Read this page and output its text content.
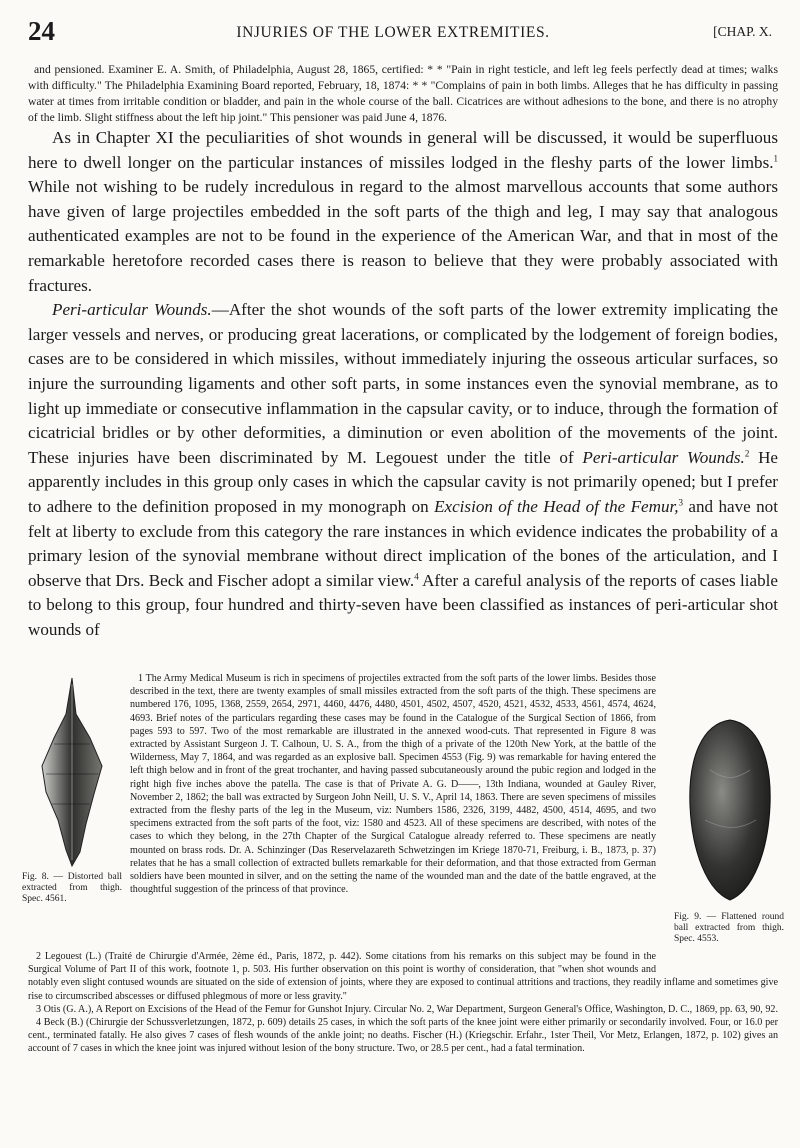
24	INJURIES OF THE LOWER EXTREMITIES.	[CHAP. X.

and pensioned. Examiner E. A. Smith, of Philadelphia, August 28, 1865, certified: * * "Pain in right testicle, and left leg feels perfectly dead at times; walks with difficulty." The Philadelphia Examining Board reported, February, 18, 1874: * * "Complains of pain in both limbs. Alleges that he has difficulty in passing water at times from irritable condition or bladder, and pain in the whole course of the ball. Cicatrices are without adhesions to the bone, and there is no atrophy of the limb. Slight stiffness about the left hip joint." This pensioner was paid June 4, 1876.

As in Chapter XI the peculiarities of shot wounds in general will be discussed, it would be superfluous here to dwell longer on the particular instances of missiles lodged in the fleshy parts of the lower limbs.$^1$ While not wishing to be rudely incredulous in regard to the almost marvellous accounts that some authors have given of large projectiles embedded in the soft parts of the thigh and leg, I may say that analogous authenticated examples are not to be found in the experience of the American War, and that in most of the remarkable heretofore recorded cases there is reason to believe that they were probably associated with fractures.

Peri-articular Wounds.—After the shot wounds of the soft parts of the lower extremity implicating the larger vessels and nerves, or producing great lacerations, or complicated by the lodgement of foreign bodies, cases are to be considered in which missiles, without immediately injuring the osseous articular surfaces, so injure the surrounding ligaments and other soft parts, in some instances even the synovial membrane, as to light up immediate or consecutive inflammation in the capsular cavity, or to induce, through the formation of cicatricial bridles or by other deformities, a diminution or even abolition of the movements of the joint. These injuries have been discriminated by M. Legouest under the title of Peri-articular Wounds.$^2$ He apparently includes in this group only cases in which the capsular cavity is not primarily opened; but I prefer to adhere to the definition proposed in my monograph on Excision of the Head of the Femur,$^3$ and have not felt at liberty to exclude from this category the rare instances in which evidence indicates the probability of a primary lesion of the synovial membrane without direct implication of the bones of the articulation, and I observe that Drs. Beck and Fischer adopt a similar view.$^4$ After a careful analysis of the reports of cases liable to belong to this group, four hundred and thirty-seven have been classified as instances of peri-articular shot wounds of

Fig. 8. — Distorted ball extracted from thigh. Spec. 4561.
Fig. 9. — Flattened round ball extracted from thigh. Spec. 4553.

1 The Army Medical Museum is rich in specimens of projectiles extracted from the soft parts of the lower limbs. Besides those described in the text, there are twenty examples of small missiles extracted from the soft parts of the thigh. These specimens are numbered 176, 1095, 1368, 2559, 2654, 2971, 4460, 4476, 4480, 4501, 4502, 4507, 4520, 4521, 4532, 4533, 4561, 4574, 4624, 4693. Brief notes of the particulars regarding these cases may be found in the Catalogue of the Surgical Section of 1866, from pages 593 to 597. Two of the most remarkable are illustrated in the annexed wood-cuts. That represented in Figure 8 was extracted by Assistant Surgeon J. T. Calhoun, U. S. A., from the thigh of a private of the 120th New York, at the battle of the Wilderness, May 7, 1864, and was regarded as an explosive ball. Specimen 4553 (Fig. 9) was remarkable for having entered the left thigh below and in front of the great trochanter, and having passed subcutaneously around the pubic region and lodged in the right high five inches above the patella. The case is that of Private A. G. D——, 13th Indiana, wounded at Gauley River, November 2, 1862; the ball was extracted by Surgeon John Neill, U. S. V., April 14, 1863. There are seven specimens of missiles extracted from the fleshy parts of the leg in the Museum, viz: Numbers 1586, 2326, 3199, 4482, 4500, 4514, 4695, and two specimens extracted from the soft parts of the foot, viz: 1580 and 4523. All of these specimens are described, with notes of the cases to which they belong, in the 27th Chapter of the Surgical Catalogue already referred to. These specimens are neatly mounted on brass rods. Dr. A. Schinzinger (Das Reservelazareth Schwetzingen im Kriege 1870-71, Freiburg, i. B., 1873, p. 37) relates that he has a small collection of extracted bullets remarkable for their deformation, and that those extracted from German soldiers have been mounted in silver, and on the setting the name of the wounded man and the date of the battle engraved, at the thoughtful suggestion of the princess of that province.

2 Legouest (L.) (Traité de Chirurgie d'Armée, 2ème éd., Paris, 1872, p. 442). Some citations from his remarks on this subject may be found in the Surgical Volume of Part II of this work, footnote 1, p. 503. His further observation on this point is worthy of consideration, that "when shot wounds and notably even slight contused wounds are situated on the side of extension of joints, where they are exposed to continual attritions and tractions, they readily inflame and sometimes give rise to circumscribed abscesses or diffused phlegmous of more or less gravity."

3 Otis (G. A.), A Report on Excisions of the Head of the Femur for Gunshot Injury. Circular No. 2, War Department, Surgeon General's Office, Washington, D. C., 1869, pp. 63, 90, 92.

4 Beck (B.) (Chirurgie der Schussverletzungen, 1872, p. 609) details 25 cases, in which the soft parts of the knee joint were either primarily or secondarily involved. Four, or 16.0 per cent., terminated fatally. He also gives 7 cases of flesh wounds of the ankle joint; no deaths. Fischer (H.) (Kriegschir. Erfahr., 1ster Theil, Vor Metz, Erlangen, 1872, p. 102) gives an account of 7 cases in which the knee joint was injured without lesion of the bony structure. Two, or 28.5 per cent., had a fatal termination.
